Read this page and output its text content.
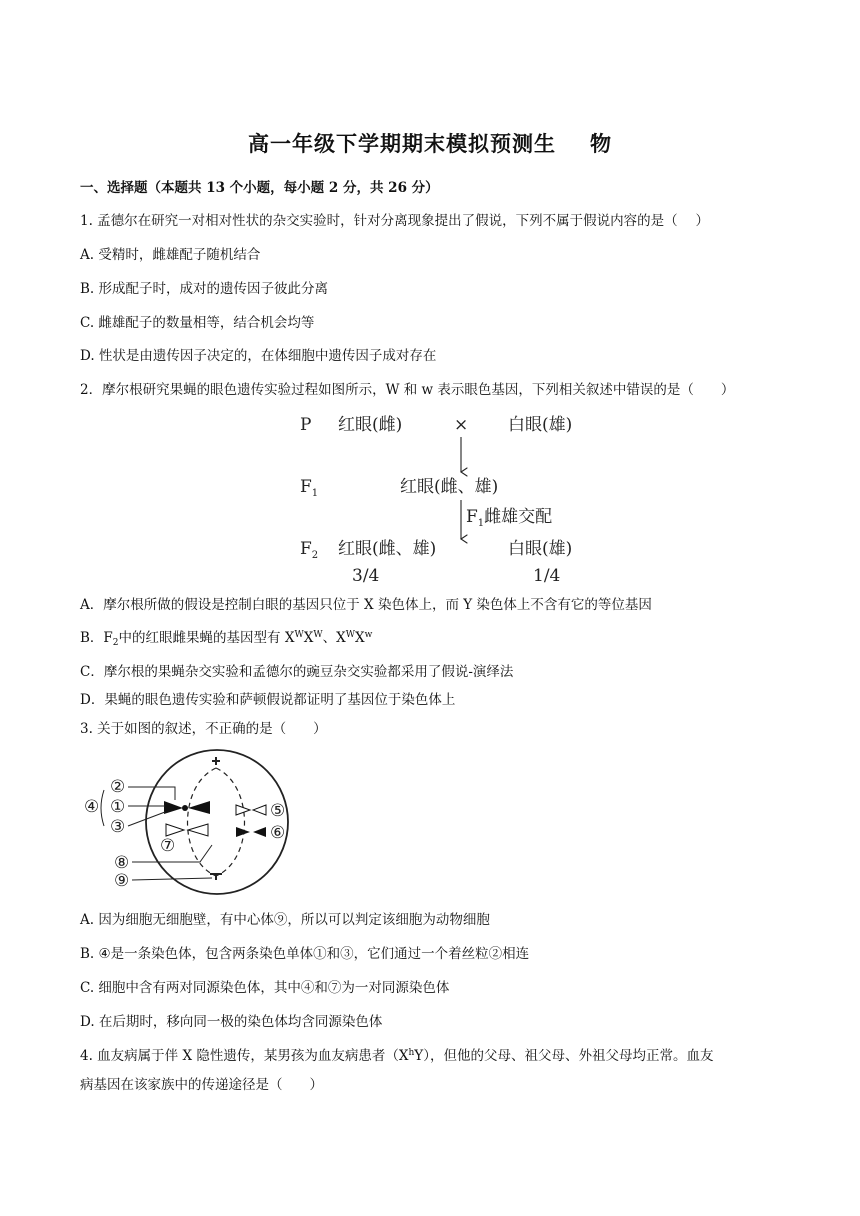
高一年级下学期期末模拟预测生 物
一、选择题（本题共 13 个小题，每小题 2 分，共 26 分）
1. 孟德尔在研究一对相对性状的杂交实验时，针对分离现象提出了假说，下列不属于假说内容的是（　 ）
A. 受精时，雌雄配子随机结合
B. 形成配子时，成对的遗传因子彼此分离
C. 雌雄配子的数量相等，结合机会均等
D. 性状是由遗传因子决定的，在体细胞中遗传因子成对存在
2．摩尔根研究果蝇的眼色遗传实验过程如图所示，W 和 w 表示眼色基因，下列相关叙述中错误的是（　　）
P 红眼(雌)	× 白眼(雄)
$F_1$	红眼(雌、雄)
$F_1$雌雄交配
$F_2$ 红眼(雌、雄)	白眼(雄)
3/4	1/4
A．摩尔根所做的假设是控制白眼的基因只位于 X 染色体上，而 Y 染色体上不含有它的等位基因
B．$F_2$中的红眼雌果蝇的基因型有 $X^WX^W$、$X^WX^w$
C．摩尔根的果蝇杂交实验和孟德尔的豌豆杂交实验都采用了假说-演绎法
D．果蝇的眼色遗传实验和萨顿假说都证明了基因位于染色体上
3. 关于如图的叙述，不正确的是（　　）
②
④ ①
③
⑦
⑤
⑥
⑧
⑨
A. 因为细胞无细胞壁，有中心体⑨，所以可以判定该细胞为动物细胞
B. ④是一条染色体，包含两条染色单体①和③，它们通过一个着丝粒②相连
C. 细胞中含有两对同源染色体，其中④和⑦为一对同源染色体
D. 在后期时，移向同一极的染色体均含同源染色体
4. 血友病属于伴 X 隐性遗传，某男孩为血友病患者$(X^hY)$，但他的父母、祖父母、外祖父母均正常。血友
病基因在该家族中的传递途径是（　　）
